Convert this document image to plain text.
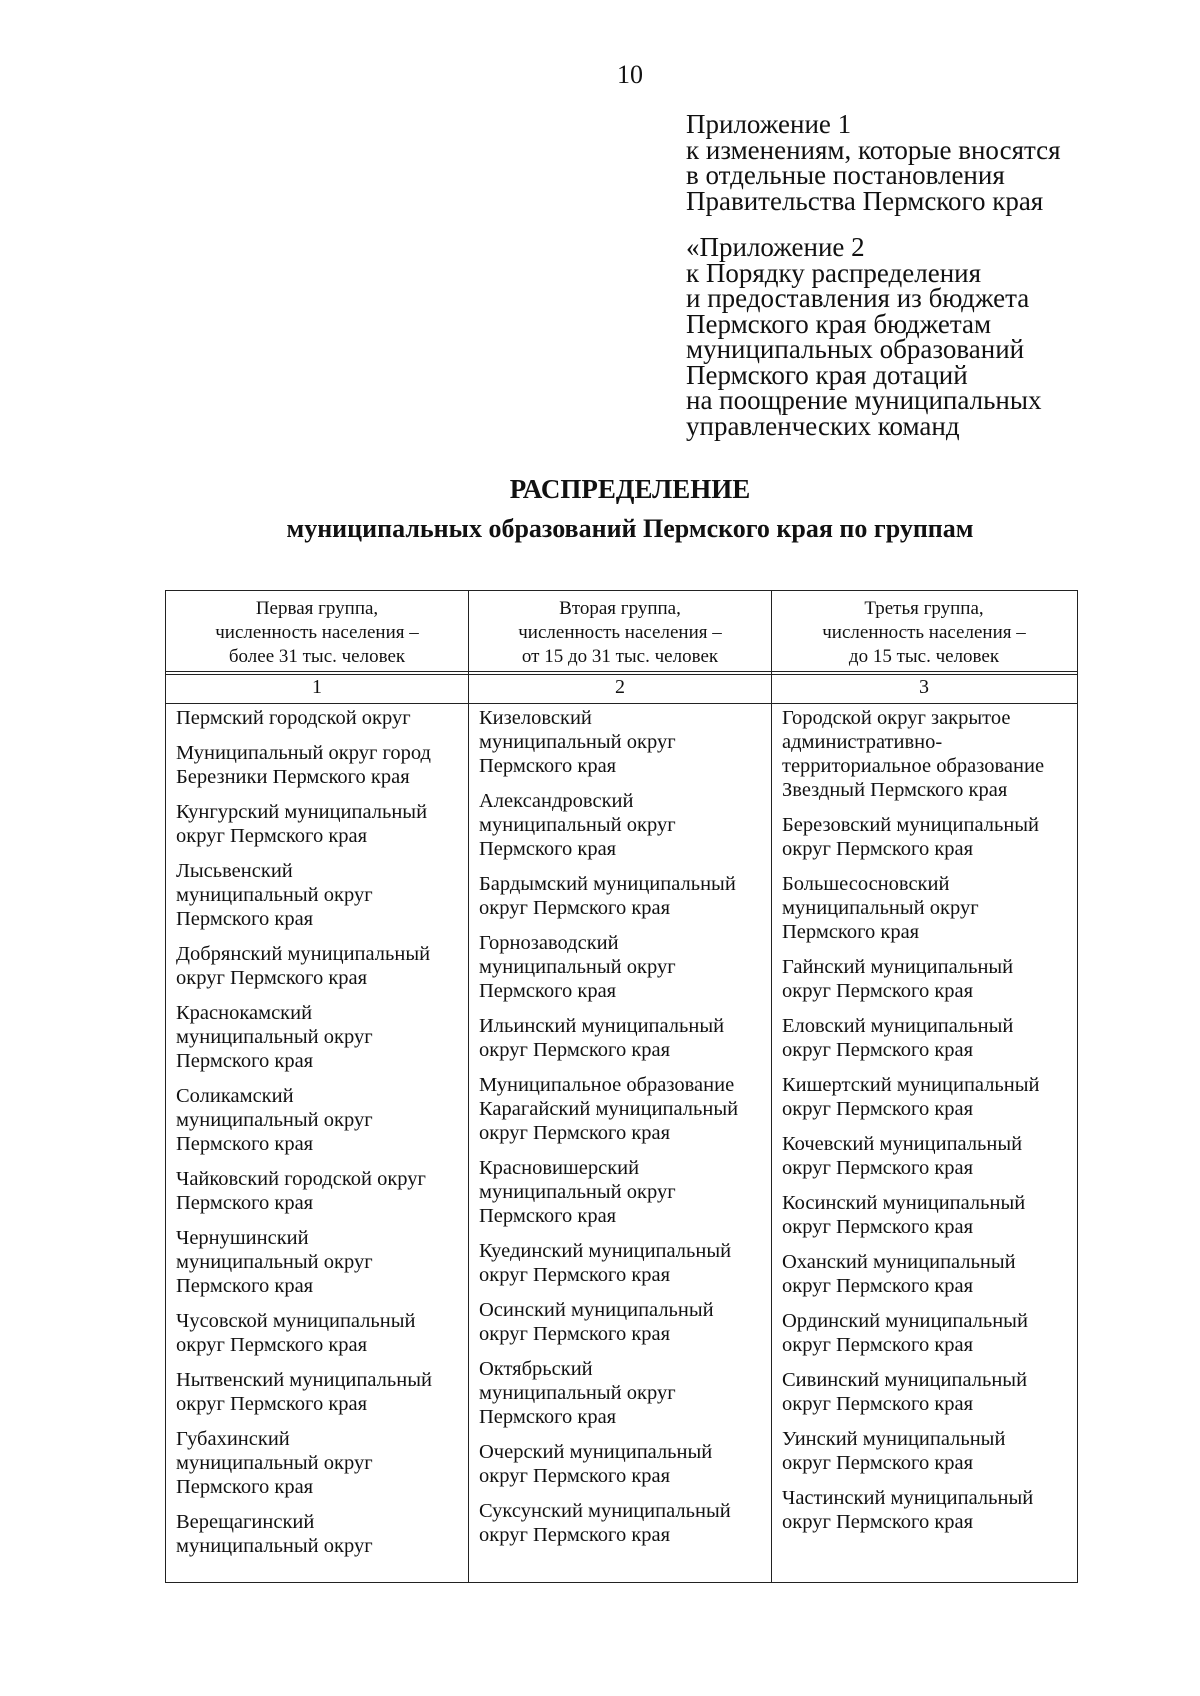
10
Приложение 1
к изменениям, которые вносятся
в отдельные постановления
Правительства Пермского края
«Приложение 2
к Порядку распределения
и предоставления из бюджета
Пермского края бюджетам
муниципальных образований
Пермского края дотаций
на поощрение муниципальных
управленческих команд
РАСПРЕДЕЛЕНИЕ
муниципальных образований Пермского края по группам
Первая группа,
численность населения –
более 31 тыс. человек
Вторая группа,
численность населения –
от 15 до 31 тыс. человек
Третья группа,
численность населения –
до 15 тыс. человек
1	2	3
Пермский городской округ
Муниципальный округ город
Березники Пермского края
Кунгурский муниципальный
округ Пермского края
Лысьвенский
муниципальный округ
Пермского края
Добрянский муниципальный
округ Пермского края
Краснокамский
муниципальный округ
Пермского края
Соликамский
муниципальный округ
Пермского края
Чайковский городской округ
Пермского края
Чернушинский
муниципальный округ
Пермского края
Чусовской муниципальный
округ Пермского края
Нытвенский муниципальный
округ Пермского края
Губахинский
муниципальный округ
Пермского края
Верещагинский
муниципальный округ
Кизеловский
муниципальный округ
Пермского края
Александровский
муниципальный округ
Пермского края
Бардымский муниципальный
округ Пермского края
Горнозаводский
муниципальный округ
Пермского края
Ильинский муниципальный
округ Пермского края
Муниципальное образование
Карагайский муниципальный
округ Пермского края
Красновишерский
муниципальный округ
Пермского края
Куединский муниципальный
округ Пермского края
Осинский муниципальный
округ Пермского края
Октябрьский
муниципальный округ
Пермского края
Очерский муниципальный
округ Пермского края
Суксунский муниципальный
округ Пермского края
Городской округ закрытое
административно-
территориальное образование
Звездный Пермского края
Березовский муниципальный
округ Пермского края
Большесосновский
муниципальный округ
Пермского края
Гайнский муниципальный
округ Пермского края
Еловский муниципальный
округ Пермского края
Кишертский муниципальный
округ Пермского края
Кочевский муниципальный
округ Пермского края
Косинский муниципальный
округ Пермского края
Оханский муниципальный
округ Пермского края
Ординский муниципальный
округ Пермского края
Сивинский муниципальный
округ Пермского края
Уинский муниципальный
округ Пермского края
Частинский муниципальный
округ Пермского края
